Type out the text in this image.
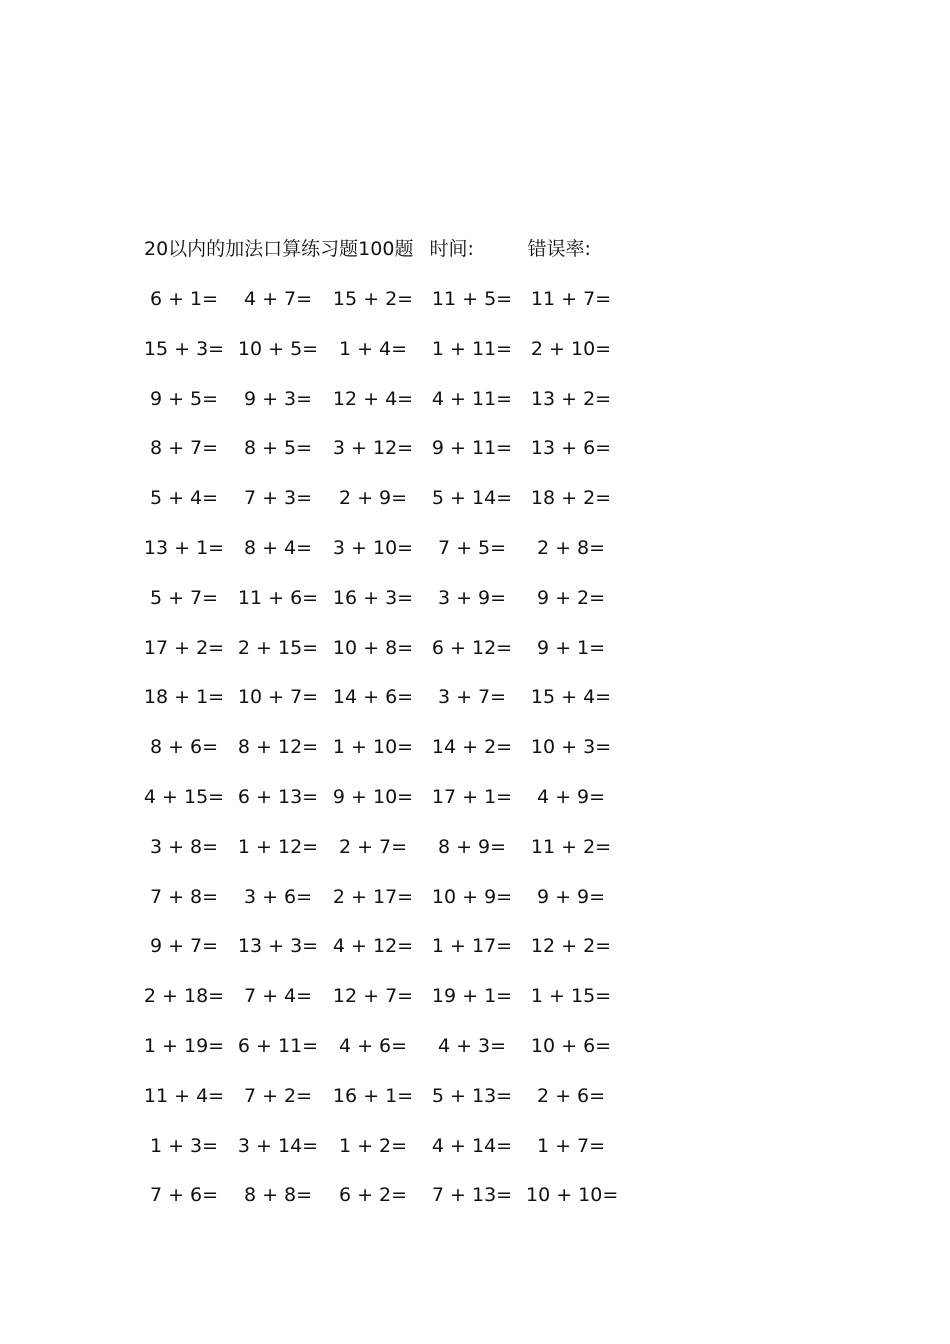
20以内的加法口算练习题100题 时间:	错误率:
6 + 1=	4 + 7=	15 + 2= 11 + 5= 11 + 7=
15 + 3= 10 + 5=	1 + 4=	1 + 11= 2 + 10=
9 + 5=	9 + 3=	12 + 4= 4 + 11= 13 + 2=
8 + 7=	8 + 5=	3 + 12= 9 + 11= 13 + 6=
5 + 4=	7 + 3=	2 + 9=	5 + 14= 18 + 2=
13 + 1=	8 + 4=	3 + 10=	7 + 5=	2 + 8=
5 + 7=	11 + 6= 16 + 3=	3 + 9=	9 + 2=
17 + 2= 2 + 15= 10 + 8= 6 + 12=	9 + 1=
18 + 1= 10 + 7= 14 + 6=	3 + 7=	15 + 4=
8 + 6=	8 + 12= 1 + 10= 14 + 2= 10 + 3=
4 + 15= 6 + 13= 9 + 10= 17 + 1=	4 + 9=
3 + 8=	1 + 12=	2 + 7=	8 + 9=	11 + 2=
7 + 8=	3 + 6=	2 + 17= 10 + 9=	9 + 9=
9 + 7=	13 + 3= 4 + 12= 1 + 17= 12 + 2=
2 + 18=	7 + 4=	12 + 7= 19 + 1= 1 + 15=
1 + 19= 6 + 11=	4 + 6=	4 + 3=	10 + 6=
11 + 4=	7 + 2=	16 + 1= 5 + 13=	2 + 6=
1 + 3=	3 + 14=	1 + 2=	4 + 14=	1 + 7=
7 + 6=	8 + 8=	6 + 2=	7 + 13= 10 + 10=
